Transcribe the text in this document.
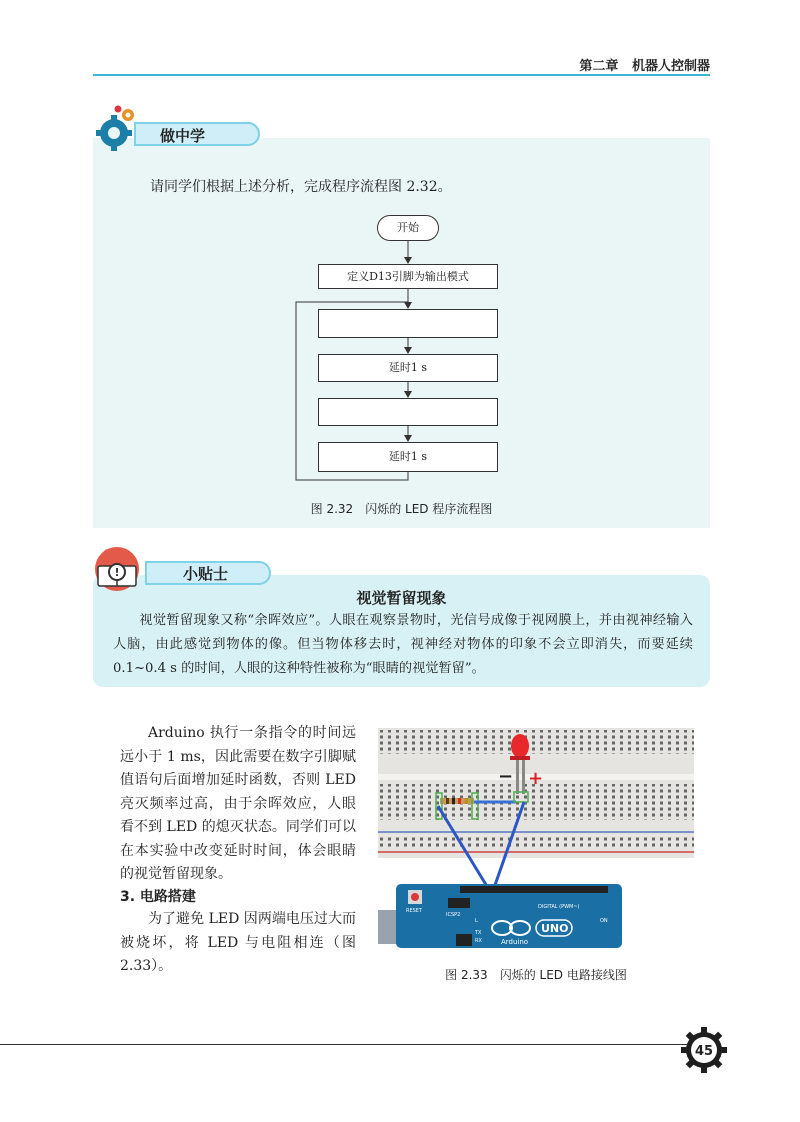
第二章 机器人控制器
做中学
请同学们根据上述分析，完成程序流程图 2.32。
开始
定义D13引脚为输出模式
延时1 s
延时1 s
图 2.32　闪烁的 LED 程序流程图
小贴士
?
!
视觉暂留现象
视觉暂留现象又称“余晖效应”。人眼在观察景物时，光信号成像于视网膜上，并由视神经输入人脑，由此感觉到物体的像。但当物体移去时，视神经对物体的印象不会立即消失，而要延续 0.1~0.4 s 的时间，人眼的这种特性被称为“眼睛的视觉暂留”。
Arduino 执行一条指令的时间远远小于 1 ms，因此需要在数字引脚赋值语句后面增加延时函数，否则 LED 亮灭频率过高，由于余晖效应，人眼看不到 LED 的熄灭状态。同学们可以在本实验中改变延时时间，体会眼睛的视觉暂留现象。
3. 电路搭建
为了避免 LED 因两端电压过大而被烧坏，将 LED 与电阻相连（图 2.33）。
− +
RESET
ICSP2
DIGITAL (PWM~)
L
TX
RX	Arduino
UNO
ON
图 2.33　闪烁的 LED 电路接线图
45
